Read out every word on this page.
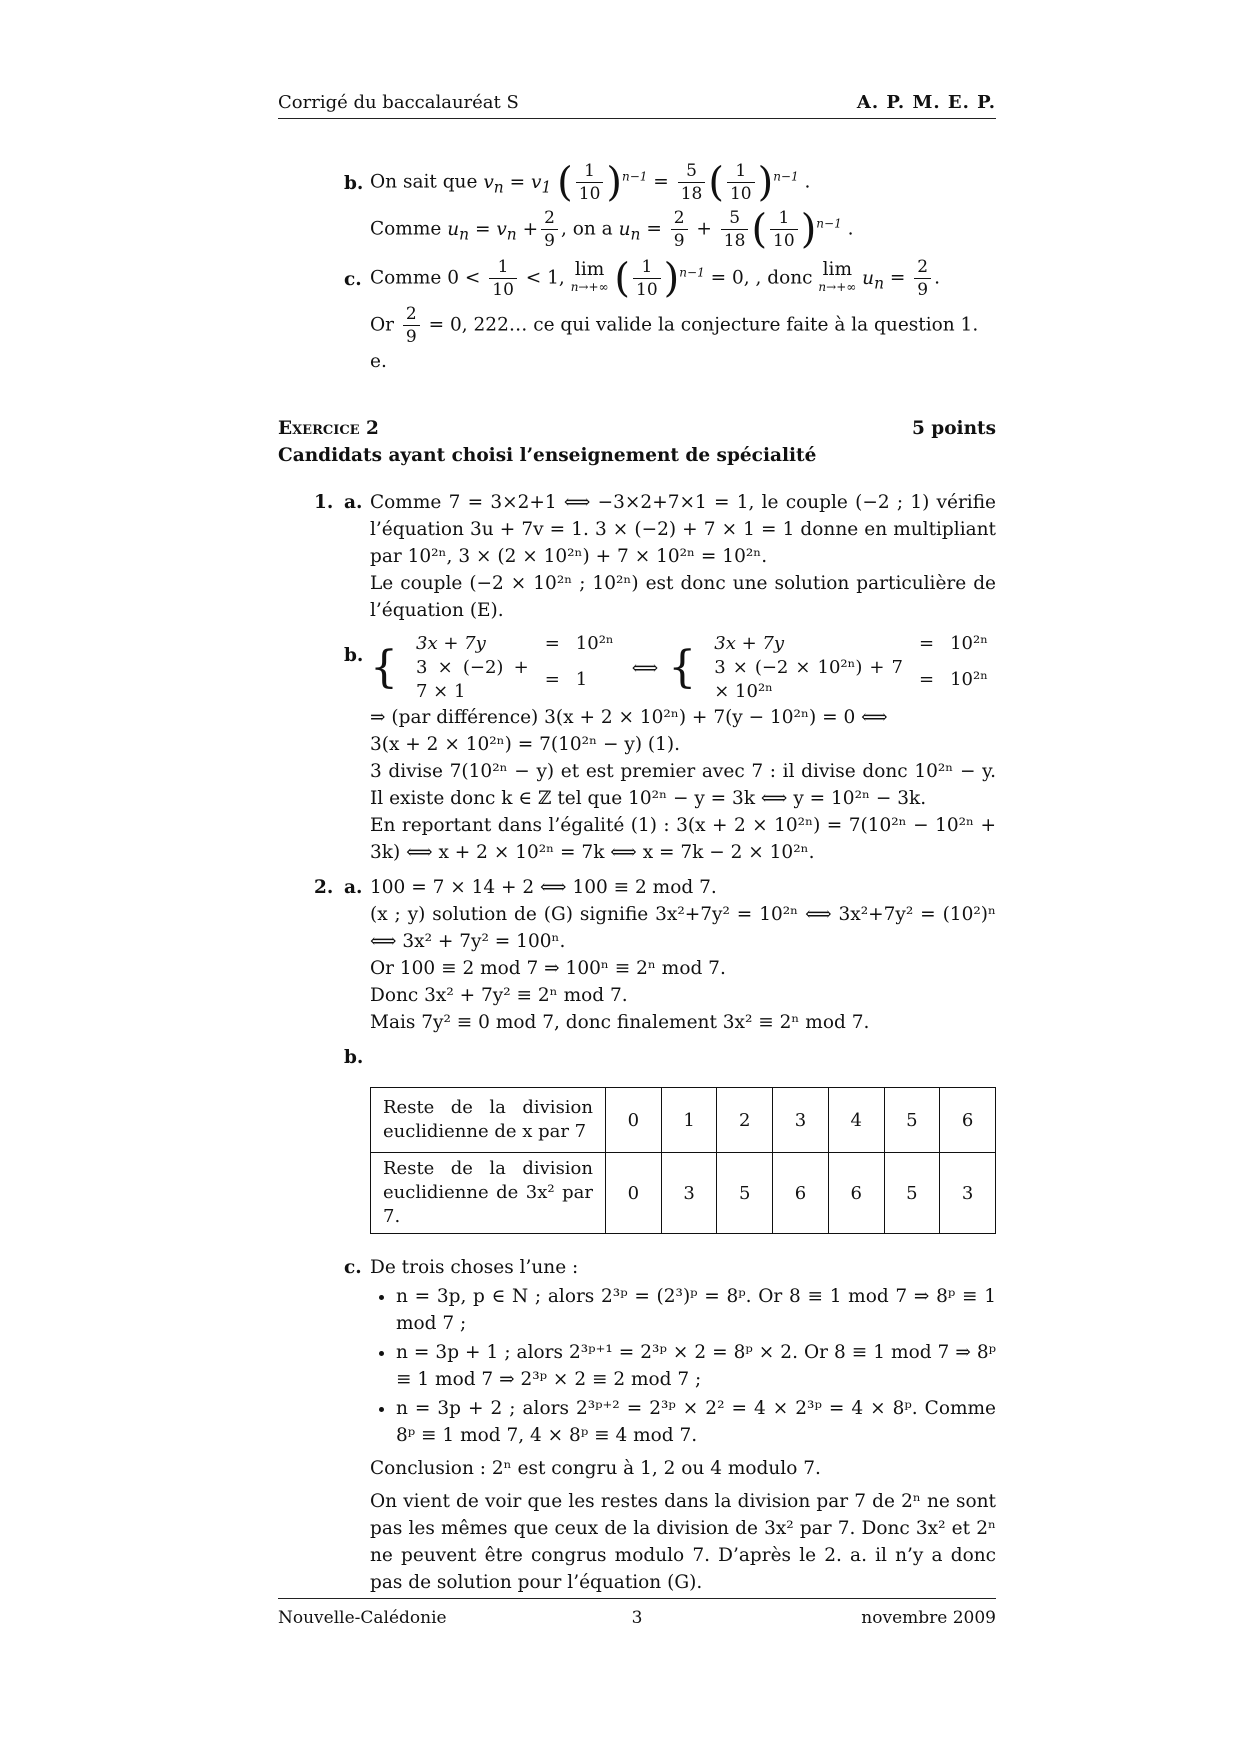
Corrigé du baccalauréat S	A. P. M. E. P.
b. On sait que $v_n = v_1$ ( $\frac{1}{10} )^{n-1} = \frac{5}{18}$ ( $\frac{1}{10} )^{n-1}$ .
Comme $u_n = v_n + \frac{2}{9}$ , on a $u_n = \frac{2}{9} + \frac{5}{18}$ ( $\frac{1}{10} )^{n-1}$ .
c. Comme $0 < \frac{1}{10} < 1$, lim
n→+∞ ( $\frac{1}{10} )^{n-1} = 0$, , donc lim
n→+∞ $u_n = \frac{2}{9}$ .
Or $\frac{2}{9} = 0$, 222… ce qui valide la conjecture faite à la question 1. e.
Exercice 2	5 points
Candidats ayant choisi l’enseignement de spécialité
1. a. Comme 7 = 3×2+1 ⟺ −3×2+7×1 = 1, le couple (−2 ; 1) vérifie l’équation 3u + 7v = 1. 3 × (−2) + 7 × 1 = 1 donne en multipliant par 10²ⁿ, 3 × (2 × 10²ⁿ) + 7 × 10²ⁿ = 10²ⁿ.
Le couple (−2 × 10²ⁿ ; 10²ⁿ) est donc une solution particulière de l’équation (E).
b. { 3x + 7y	=	10²ⁿ
3 × (−2) + 7 × 1	=	1
⟺ { 3x + 7y	=	10²ⁿ
3 × (−2 × 10²ⁿ) + 7 × 10²ⁿ	=	10²ⁿ
⇒ (par différence) 3(x + 2 × 10²ⁿ) + 7(y − 10²ⁿ) = 0 ⟺
3(x + 2 × 10²ⁿ) = 7(10²ⁿ − y) (1).
3 divise 7(10²ⁿ − y) et est premier avec 7 : il divise donc 10²ⁿ − y. Il existe donc k ∈ ℤ tel que 10²ⁿ − y = 3k ⟺ y = 10²ⁿ − 3k.
En reportant dans l’égalité (1) : 3(x + 2 × 10²ⁿ) = 7(10²ⁿ − 10²ⁿ + 3k) ⟺ x + 2 × 10²ⁿ = 7k ⟺ x = 7k − 2 × 10²ⁿ.
2. a. 100 = 7 × 14 + 2 ⟺ 100 ≡ 2 mod 7.
(x ; y) solution de (G) signifie 3x²+7y² = 10²ⁿ ⟺ 3x²+7y² = (10²)ⁿ ⟺ 3x² + 7y² = 100ⁿ.
Or 100 ≡ 2 mod 7 ⇒ 100ⁿ ≡ 2ⁿ mod 7.
Donc 3x² + 7y² ≡ 2ⁿ mod 7.
Mais 7y² ≡ 0 mod 7, donc finalement 3x² ≡ 2ⁿ mod 7.
b.
Reste de la division euclidienne de x par 7	0	1	2	3	4	5	6
Reste de la division euclidienne de 3x² par 7.	0	3	5	6	6	5	3
c. De trois choses l’une :
• n = 3p, p ∈ N ; alors 2³ᵖ = (2³)ᵖ = 8ᵖ. Or 8 ≡ 1 mod 7 ⇒ 8ᵖ ≡ 1 mod 7 ;
• n = 3p + 1 ; alors 2³ᵖ⁺¹ = 2³ᵖ × 2 = 8ᵖ × 2. Or 8 ≡ 1 mod 7 ⇒ 8ᵖ ≡ 1 mod 7 ⇒ 2³ᵖ × 2 ≡ 2 mod 7 ;
• n = 3p + 2 ; alors 2³ᵖ⁺² = 2³ᵖ × 2² = 4 × 2³ᵖ = 4 × 8ᵖ. Comme 8ᵖ ≡ 1 mod 7, 4 × 8ᵖ ≡ 4 mod 7.
Conclusion : 2ⁿ est congru à 1, 2 ou 4 modulo 7.
On vient de voir que les restes dans la division par 7 de 2ⁿ ne sont pas les mêmes que ceux de la division de 3x² par 7. Donc 3x² et 2ⁿ ne peuvent être congrus modulo 7. D’après le 2. a. il n’y a donc pas de solution pour l’équation (G).
Nouvelle-Calédonie	3	novembre 2009
